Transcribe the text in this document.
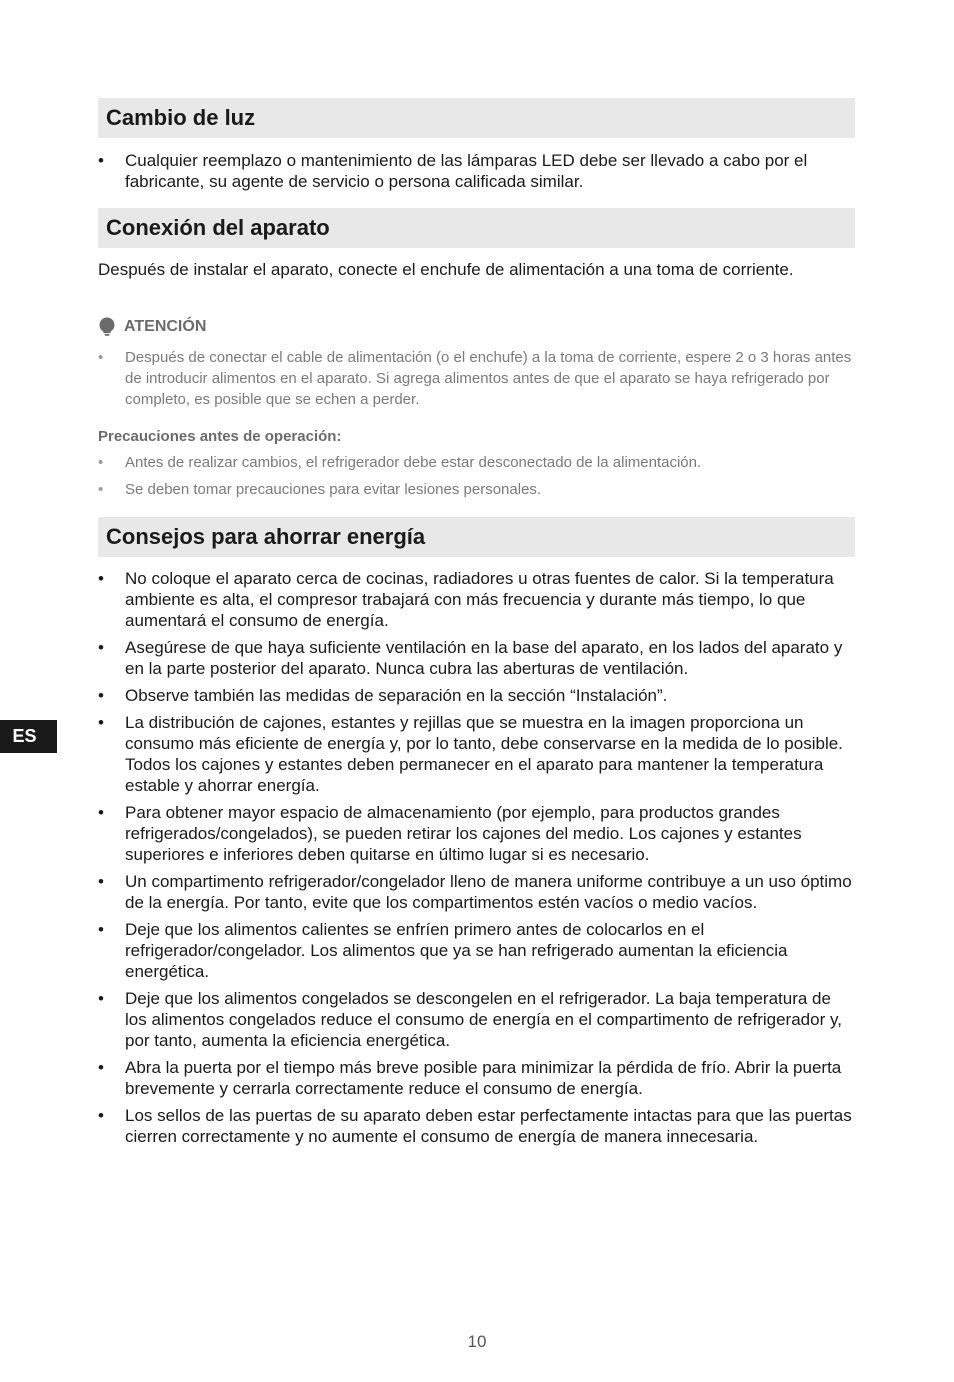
ES
Cambio de luz
• Cualquier reemplazo o mantenimiento de las lámparas LED debe ser llevado a cabo por el fabricante, su agente de servicio o persona calificada similar.
Conexión del aparato

Después de instalar el aparato, conecte el enchufe de alimentación a una toma de corriente.

ATENCIÓN
• Después de conectar el cable de alimentación (o el enchufe) a la toma de corriente, espere 2 o 3 horas antes de introducir alimentos en el aparato. Si agrega alimentos antes de que el aparato se haya refrigerado por completo, es posible que se echen a perder.

Precauciones antes de operación:

• Antes de realizar cambios, el refrigerador debe estar desconectado de la alimentación.
• Se deben tomar precauciones para evitar lesiones personales.
Consejos para ahorrar energía
• No coloque el aparato cerca de cocinas, radiadores u otras fuentes de calor. Si la temperatura ambiente es alta, el compresor trabajará con más frecuencia y durante más tiempo, lo que aumentará el consumo de energía.
• Asegúrese de que haya suficiente ventilación en la base del aparato, en los lados del aparato y en la parte posterior del aparato. Nunca cubra las aberturas de ventilación.
• Observe también las medidas de separación en la sección “Instalación”.
• La distribución de cajones, estantes y rejillas que se muestra en la imagen proporciona un consumo más eficiente de energía y, por lo tanto, debe conservarse en la medida de lo posible. Todos los cajones y estantes deben permanecer en el aparato para mantener la temperatura estable y ahorrar energía.
• Para obtener mayor espacio de almacenamiento (por ejemplo, para productos grandes refrigerados/congelados), se pueden retirar los cajones del medio. Los cajones y estantes superiores e inferiores deben quitarse en último lugar si es necesario.
• Un compartimento refrigerador/congelador lleno de manera uniforme contribuye a un uso óptimo de la energía. Por tanto, evite que los compartimentos estén vacíos o medio vacíos.
• Deje que los alimentos calientes se enfríen primero antes de colocarlos en el refrigerador/congelador. Los alimentos que ya se han refrigerado aumentan la eficiencia energética.
• Deje que los alimentos congelados se descongelen en el refrigerador. La baja temperatura de los alimentos congelados reduce el consumo de energía en el compartimento de refrigerador y, por tanto, aumenta la eficiencia energética.
• Abra la puerta por el tiempo más breve posible para minimizar la pérdida de frío. Abrir la puerta brevemente y cerrarla correctamente reduce el consumo de energía.
• Los sellos de las puertas de su aparato deben estar perfectamente intactas para que las puertas cierren correctamente y no aumente el consumo de energía de manera innecesaria.
10
